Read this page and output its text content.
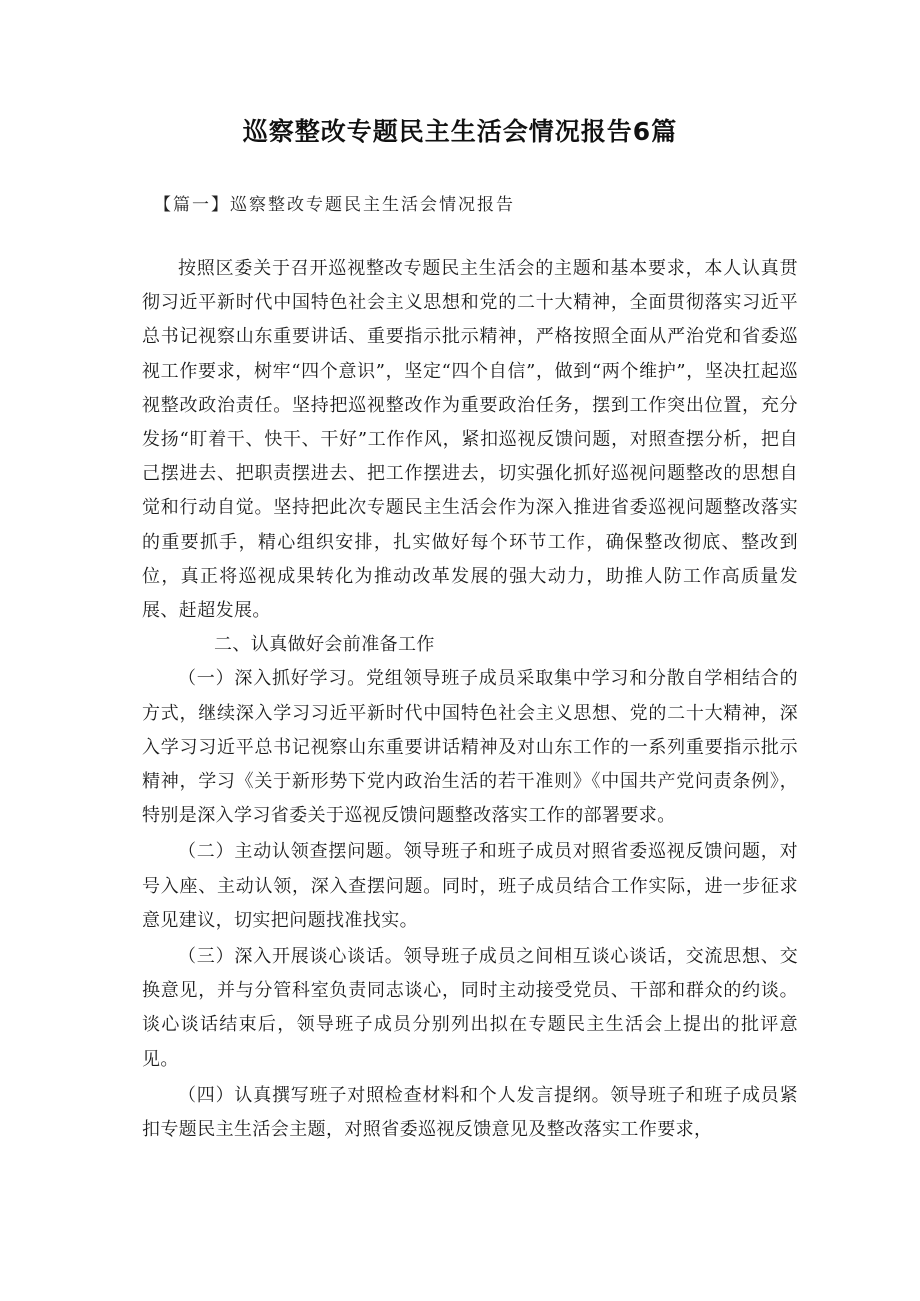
巡察整改专题民主生活会情况报告6篇
【篇一】巡察整改专题民主生活会情况报告

按照区委关于召开巡视整改专题民主生活会的主题和基本要求，本人认真贯彻习近平新时代中国特色社会主义思想和党的二十大精神，全面贯彻落实习近平总书记视察山东重要讲话、重要指示批示精神，严格按照全面从严治党和省委巡视工作要求，树牢“四个意识”，坚定“四个自信”，做到“两个维护”，坚决扛起巡视整改政治责任。坚持把巡视整改作为重要政治任务，摆到工作突出位置，充分发扬“盯着干、快干、干好”工作作风，紧扣巡视反馈问题，对照查摆分析，把自己摆进去、把职责摆进去、把工作摆进去，切实强化抓好巡视问题整改的思想自觉和行动自觉。坚持把此次专题民主生活会作为深入推进省委巡视问题整改落实的重要抓手，精心组织安排，扎实做好每个环节工作，确保整改彻底、整改到位，真正将巡视成果转化为推动改革发展的强大动力，助推人防工作高质量发展、赶超发展。

二、认真做好会前准备工作

（一）深入抓好学习。党组领导班子成员采取集中学习和分散自学相结合的方式，继续深入学习习近平新时代中国特色社会主义思想、党的二十大精神，深入学习习近平总书记视察山东重要讲话精神及对山东工作的一系列重要指示批示精神，学习《关于新形势下党内政治生活的若干准则》《中国共产党问责条例》，特别是深入学习省委关于巡视反馈问题整改落实工作的部署要求。

（二）主动认领查摆问题。领导班子和班子成员对照省委巡视反馈问题，对号入座、主动认领，深入查摆问题。同时，班子成员结合工作实际，进一步征求意见建议，切实把问题找准找实。

（三）深入开展谈心谈话。领导班子成员之间相互谈心谈话，交流思想、交换意见，并与分管科室负责同志谈心，同时主动接受党员、干部和群众的约谈。谈心谈话结束后，领导班子成员分别列出拟在专题民主生活会上提出的批评意见。

（四）认真撰写班子对照检查材料和个人发言提纲。领导班子和班子成员紧扣专题民主生活会主题，对照省委巡视反馈意见及整改落实工作要求，
